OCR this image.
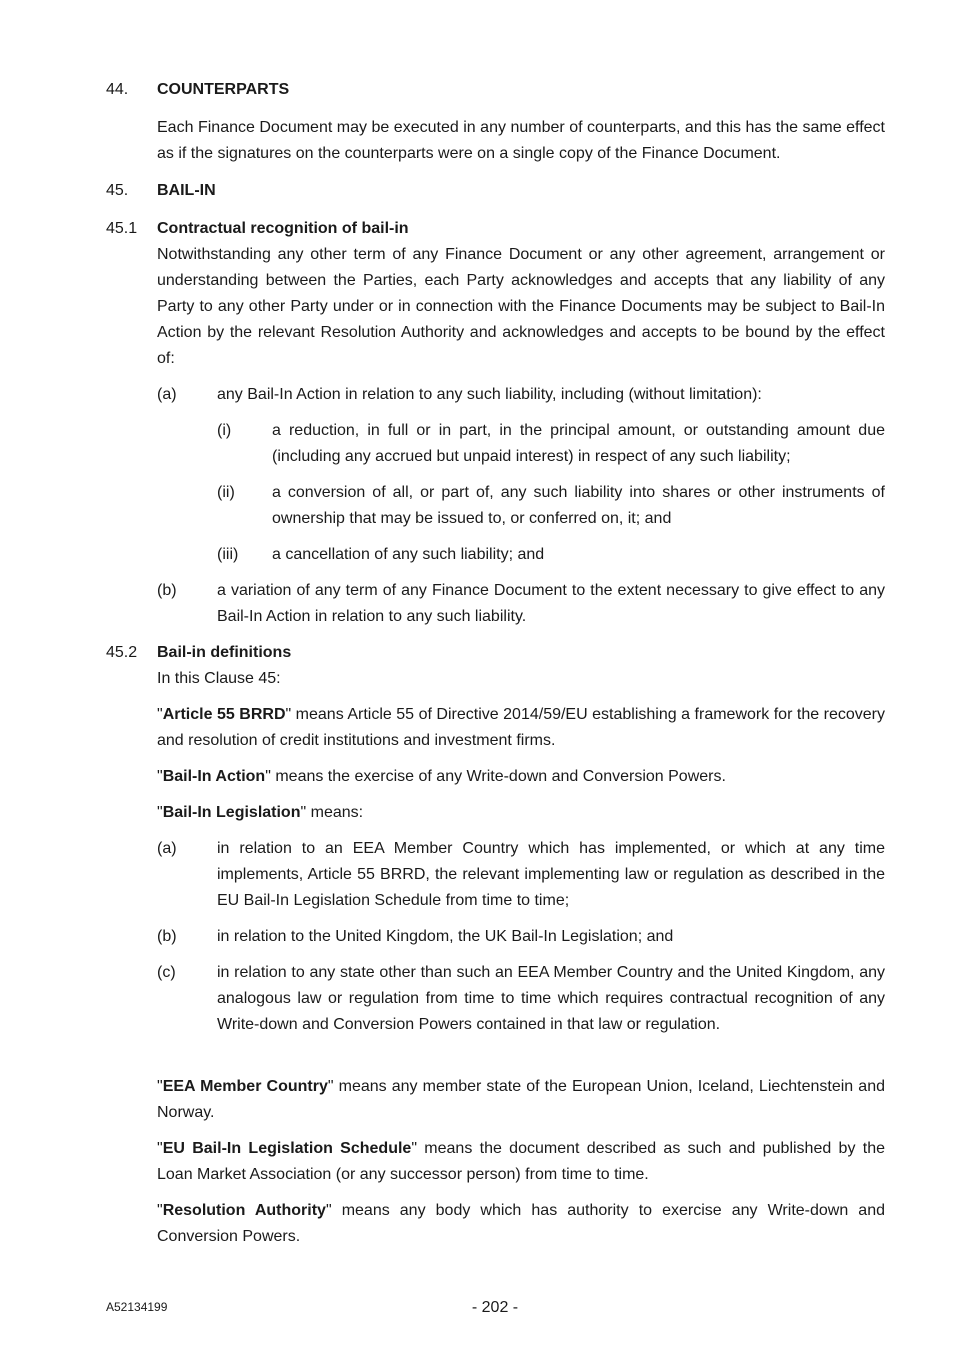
44. COUNTERPARTS

Each Finance Document may be executed in any number of counterparts, and this has the same effect as if the signatures on the counterparts were on a single copy of the Finance Document.

45. BAIL-IN
45.1 Contractual recognition of bail-in

Notwithstanding any other term of any Finance Document or any other agreement, arrangement or understanding between the Parties, each Party acknowledges and accepts that any liability of any Party to any other Party under or in connection with the Finance Documents may be subject to Bail-In Action by the relevant Resolution Authority and acknowledges and accepts to be bound by the effect of:

(a)	any Bail-In Action in relation to any such liability, including (without limitation):

(i)	a reduction, in full or in part, in the principal amount, or outstanding amount due (including any accrued but unpaid interest) in respect of any such liability;

(ii) a conversion of all, or part of, any such liability into shares or other instruments of ownership that may be issued to, or conferred on, it; and

(iii) a cancellation of any such liability; and

(b)	a variation of any term of any Finance Document to the extent necessary to give effect to any Bail-In Action in relation to any such liability.

45.2 Bail-in definitions

In this Clause 45:

"Article 55 BRRD" means Article 55 of Directive 2014/59/EU establishing a framework for the recovery and resolution of credit institutions and investment firms.

"Bail-In Action" means the exercise of any Write-down and Conversion Powers.

"Bail-In Legislation" means:

(a)	in relation to an EEA Member Country which has implemented, or which at any time implements, Article 55 BRRD, the relevant implementing law or regulation as described in the EU Bail-In Legislation Schedule from time to time;

(b)	in relation to the United Kingdom, the UK Bail-In Legislation; and

(c)	in relation to any state other than such an EEA Member Country and the United Kingdom, any analogous law or regulation from time to time which requires contractual recognition of any Write-down and Conversion Powers contained in that law or regulation.

"EEA Member Country" means any member state of the European Union, Iceland, Liechtenstein and Norway.

"EU Bail-In Legislation Schedule" means the document described as such and published by the Loan Market Association (or any successor person) from time to time.

"Resolution Authority" means any body which has authority to exercise any Write-down and Conversion Powers.

A52134199	- 202 -
